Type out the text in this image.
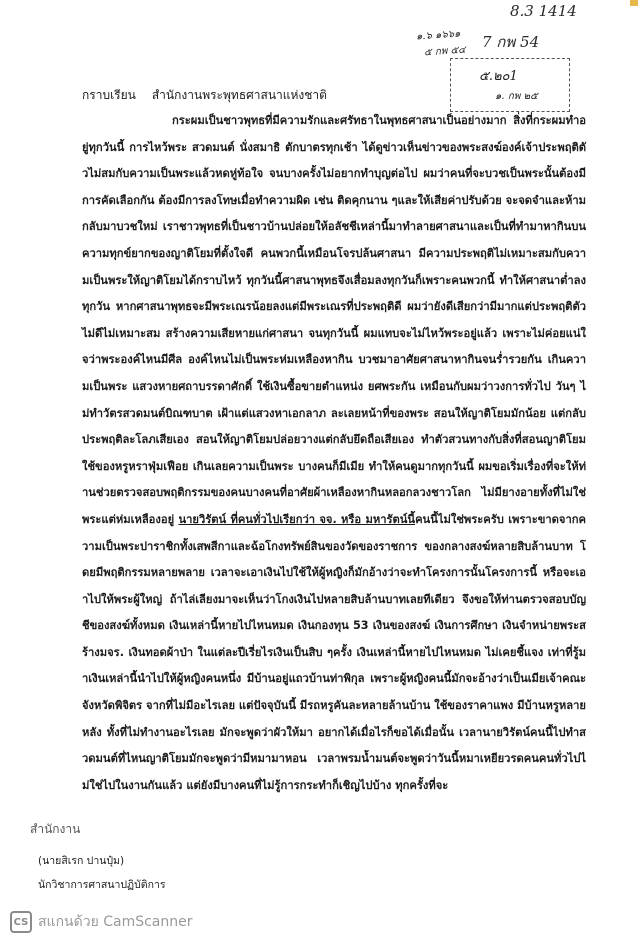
8.3 1414
7 กพ 54
๑.๖ ๑๖๖๑
๕ กพ ๕๔
๕.๒๐1
๑. กพ ๒๕
กราบเรียน สำนักงานพระพุทธศาสนาแห่งชาติ
กระผมเป็นชาวพุทธที่มีความรักและศรัทธาในพุทธศาสนาเป็นอย่างมาก สิ่งที่กระผมทำอยู่ทุกวันนี้ การไหว้พระ สวดมนต์ นั่งสมาธิ ตักบาตรทุกเช้า ได้ดูข่าวเห็นข่าวของพระสงฆ์องค์เจ้าประพฤติตัวไม่สมกับความเป็นพระแล้วหดหู่ท้อใจ จนบางครั้งไม่อยากทำบุญต่อไป ผมว่าคนที่จะบวชเป็นพระนั้นต้องมีการคัดเลือกกัน ต้องมีการลงโทษเมื่อทำความผิด เช่น ติดคุกนาน ๆและให้เสียค่าปรับด้วย จะจดจำและห้ามกลับมาบวชใหม่ เราชาวพุทธที่เป็นชาวบ้านปล่อยให้อลัชชีเหล่านี้มาทำลายศาสนาและเป็นที่ทำมาหากินบนความทุกข์ยากของญาติโยมที่ตั้งใจดี คนพวกนี้เหมือนโจรปล้นศาสนา มีความประพฤติไม่เหมาะสมกับความเป็นพระให้ญาติโยมได้กราบไหว้ ทุกวันนี้ศาสนาพุทธจึงเสื่อมลงทุกวันก็เพราะคนพวกนี้ ทำให้ศาสนาต่ำลงทุกวัน หากศาสนาพุทธจะมีพระเณรน้อยลงแต่มีพระเณรที่ประพฤติดี ผมว่ายังดีเสียกว่ามีมากแต่ประพฤติตัวไม่ดีไม่เหมาะสม สร้างความเสียหายแก่ศาสนา จนทุกวันนี้ ผมแทบจะไม่ไหว้พระอยู่แล้ว เพราะไม่ค่อยแน่ใจว่าพระองค์ไหนมีศีล องค์ไหนไม่เป็นพระห่มเหลืองหากิน บวชมาอาศัยศาสนาหากินจนร่ำรวยกัน เกินความเป็นพระ แสวงหายศถาบรรดาศักดิ์ ใช้เงินซื้อขายตำแหน่ง ยศพระกัน เหมือนกับผมว่าวงการทั่วไป วันๆ ไม่ทำวัตรสวดมนต์บิณฑบาต เฝ้าแต่แสวงหาเอกลาภ ละเลยหน้าที่ของพระ สอนให้ญาติโยมมักน้อย แต่กลับประพฤติละโลภเสียเอง สอนให้ญาติโยมปล่อยวางแต่กลับยึดถือเสียเอง ทำตัวสวนทางกับสิ่งที่สอนญาติโยม ใช้ของหรูหราฟุ่มเฟือย เกินเลยความเป็นพระ บางคนก็มีเมีย ทำให้คนดูมากทุกวันนี้ ผมขอเริ่มเรื่องที่จะให้ท่านช่วยตรวจสอบพฤติกรรมของคนบางคนที่อาศัยผ้าเหลืองหากินหลอกลวงชาวโลก ไม่มียางอายทั้งที่ไม่ใช่พระแต่ห่มเหลืองอยู่ นายวิรัตน์ ที่คนทั่วไปเรียกว่า จจ. หรือ มหารัตน์นี้คนนี้ไม่ใช่พระครับ เพราะขาดจากความเป็นพระปาราชิกทั้งเสพสีกาและฉ้อโกงทรัพย์สินของวัดของราชการ ของกลางสงฆ์หลายสิบล้านบาท โดยมีพฤติกรรมหลายพลาย เวลาจะเอาเงินไปใช้ให้ผู้หญิงก็มักอ้างว่าจะทำโครงการนั้นโครงการนี้ หรือจะเอาไปให้พระผู้ใหญ่ ถ้าไล่เลียงมาจะเห็นว่าโกงเงินไปหลายสิบล้านบาทเลยทีเดียว จึงขอให้ท่านตรวจสอบบัญชีของสงฆ์ทั้งหมด เงินเหล่านี้หายไปไหนหมด เงินกองทุน 53 เงินของสงฆ์ เงินการศึกษา เงินจำหน่ายพระสร้างมจร. เงินทอดผ้าป่า ในแต่ละปีเรี่ยไรเงินเป็นสิบ ๆครั้ง เงินเหล่านี้หายไปไหนหมด ไม่เคยชี้แจง เท่าที่รู้มาเงินเหล่านี้นำไปให้ผู้หญิงคนหนึ่ง มีบ้านอยู่แถวบ้านท่าพิกุล เพราะผู้หญิงคนนี้มักจะอ้างว่าเป็นเมียเจ้าคณะจังหวัดพิจิตร จากที่ไม่มีอะไรเลย แต่ปัจจุบันนี้ มีรถหรูคันละหลายล้านบ้าน ใช้ของราคาแพง มีบ้านหรูหลายหลัง ทั้งที่ไม่ทำงานอะไรเลย มักจะพูดว่าผัวให้มา อยากได้เมื่อไรก็ขอได้เมื่อนั้น เวลานายวิรัตน์คนนี้ไปทำสวดมนต์ที่ไหนญาติโยมมักจะพูดว่ามีหมามาหอน เวลาพรมน้ำมนต์จะพูดว่าวันนี้หมาเหยียวรดคนคนทั่วไปไม่ใช่ไปในงานกันแล้ว แต่ยังมีบางคนที่ไม่รู้การกระทำก็เชิญไปบ้าง ทุกครั้งที่จะ
สำนักงาน
(นายสิเรก ปานปุ๋ม)
นักวิชาการศาสนาปฏิบัติการ
CS สแกนด้วย CamScanner
